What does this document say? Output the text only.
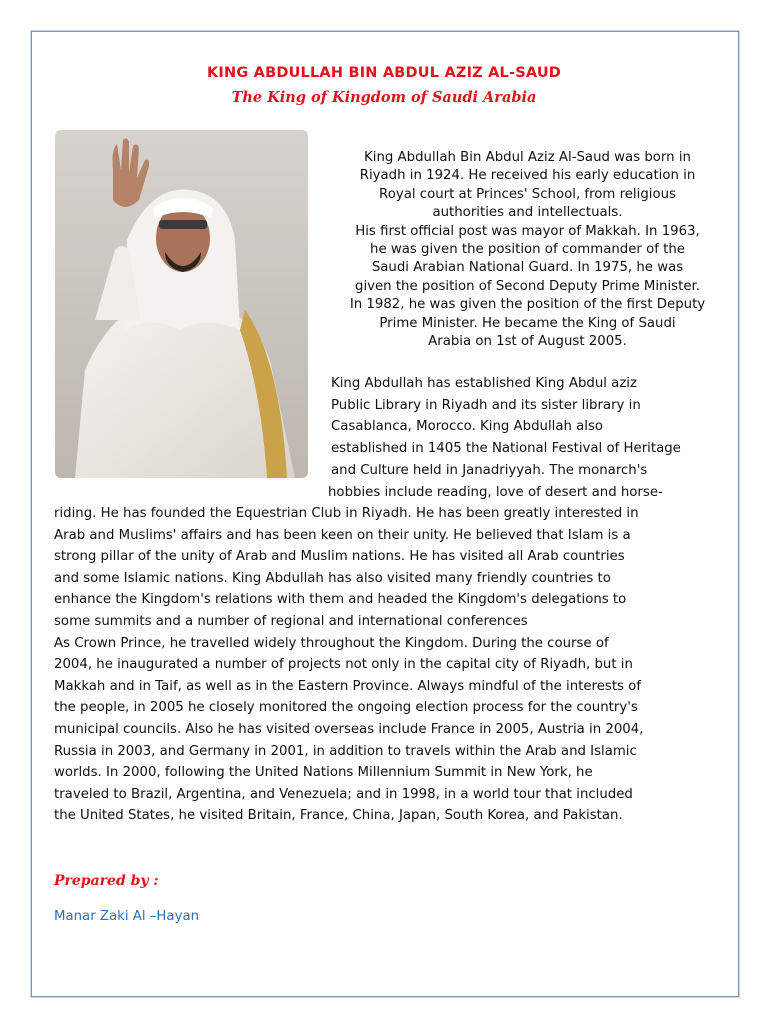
KING ABDULLAH BIN ABDUL AZIZ AL-SAUD
The King of Kingdom of Saudi Arabia

King Abdullah Bin Abdul Aziz Al-Saud was born in

Riyadh in 1924. He received his early education in

Royal court at Princes' School, from religious

authorities and intellectuals.

His first official post was mayor of Makkah. In 1963,

he was given the position of commander of the

Saudi Arabian National Guard. In 1975, he was

given the position of Second Deputy Prime Minister.

In 1982, he was given the position of the first Deputy

Prime Minister. He became the King of Saudi

Arabia on 1st of August 2005.

King Abdullah has established King Abdul aziz
Public Library in Riyadh and its sister library in
Casablanca, Morocco. King Abdullah also
established in 1405 the National Festival of Heritage
and Culture held in Janadriyyah. The monarch's
hobbies include reading, love of desert and horse-
riding. He has founded the Equestrian Club in Riyadh. He has been greatly interested in
Arab and Muslims' affairs and has been keen on their unity. He believed that Islam is a
strong pillar of the unity of Arab and Muslim nations. He has visited all Arab countries
and some Islamic nations. King Abdullah has also visited many friendly countries to
enhance the Kingdom's relations with them and headed the Kingdom's delegations to
some summits and a number of regional and international conferences
As Crown Prince, he travelled widely throughout the Kingdom. During the course of
2004, he inaugurated a number of projects not only in the capital city of Riyadh, but in
Makkah and in Taif, as well as in the Eastern Province. Always mindful of the interests of
the people, in 2005 he closely monitored the ongoing election process for the country's
municipal councils. Also he has visited overseas include France in 2005, Austria in 2004,
Russia in 2003, and Germany in 2001, in addition to travels within the Arab and Islamic
worlds. In 2000, following the United Nations Millennium Summit in New York, he
traveled to Brazil, Argentina, and Venezuela; and in 1998, in a world tour that included
the United States, he visited Britain, France, China, Japan, South Korea, and Pakistan.
Prepared by :
Manar Zaki Al –Hayan
